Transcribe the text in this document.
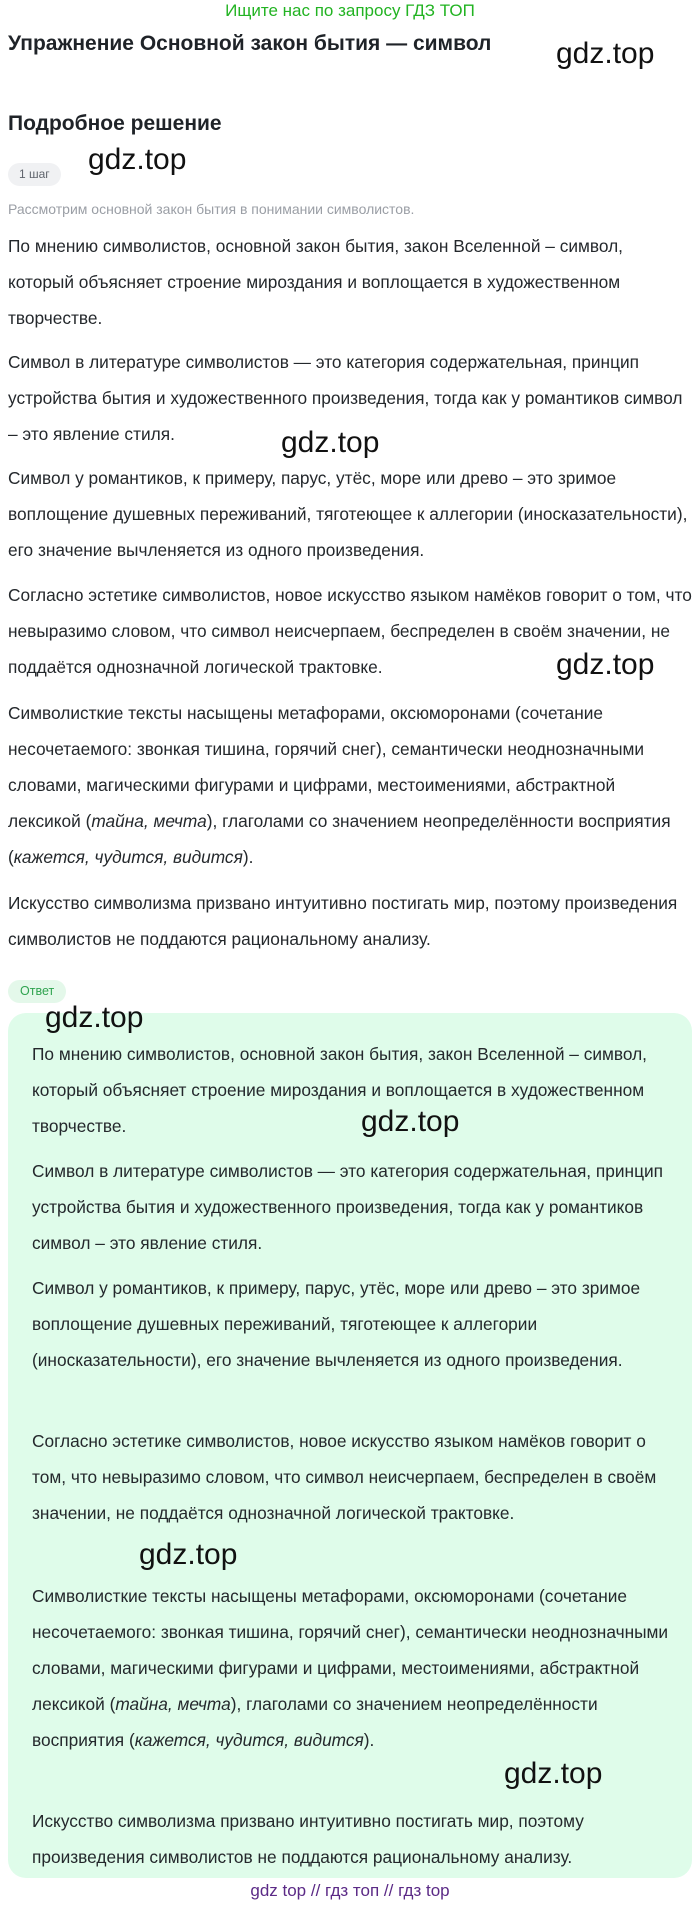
Ищите нас по запросу ГДЗ ТОП
Упражнение Основной закон бытия — символ	gdz.top
Подробное решение
1 шаг	gdz.top
Рассмотрим основной закон бытия в понимании символистов.

По мнению символистов, основной закон бытия, закон Вселенной – символ, который объясняет строение мироздания и воплощается в художественном творчестве.

Символ в литературе символистов — это категория содержательная, принцип устройства бытия и художественного произведения, тогда как у романтиков символ – это явление стиля.	gdz.top

Символ у романтиков, к примеру, парус, утёс, море или древо – это зримое воплощение душевных переживаний, тяготеющее к аллегории (иносказательности), его значение вычленяется из одного произведения.

Согласно эстетике символистов, новое искусство языком намёков говорит о том, что невыразимо словом, что символ неисчерпаем, беспределен в своём значении, не поддаётся однозначной логической трактовке.	gdz.top

Символисткие тексты насыщены метафорами, оксюморонами (сочетание несочетаемого: звонкая тишина, горячий снег), семантически неоднозначными словами, магическими фигурами и цифрами, местоимениями, абстрактной лексикой (тайна, мечта), глаголами со значением неопределённости восприятия (кажется, чудится, видится).

Искусство символизма призвано интуитивно постигать мир, поэтому произведения символистов не поддаются рациональному анализу.

Ответ
gdz.top

По мнению символистов, основной закон бытия, закон Вселенной – символ, который объясняет строение мироздания и воплощается в художественном творчестве.	gdz.top

Символ в литературе символистов — это категория содержательная, принцип устройства бытия и художественного произведения, тогда как у романтиков символ – это явление стиля.

Символ у романтиков, к примеру, парус, утёс, море или древо – это зримое воплощение душевных переживаний, тяготеющее к аллегории (иносказательности), его значение вычленяется из одного произведения.

Согласно эстетике символистов, новое искусство языком намёков говорит о том, что невыразимо словом, что символ неисчерпаем, беспределен в своём значении, не поддаётся однозначной логической трактовке.

gdz.top

Символисткие тексты насыщены метафорами, оксюморонами (сочетание несочетаемого: звонкая тишина, горячий снег), семантически неоднозначными словами, магическими фигурами и цифрами, местоимениями, абстрактной лексикой (тайна, мечта), глаголами со значением неопределённости восприятия (кажется, чудится, видится).

gdz.top

Искусство символизма призвано интуитивно постигать мир, поэтому произведения символистов не поддаются рациональному анализу.

gdz top // гдз топ // гдз top
